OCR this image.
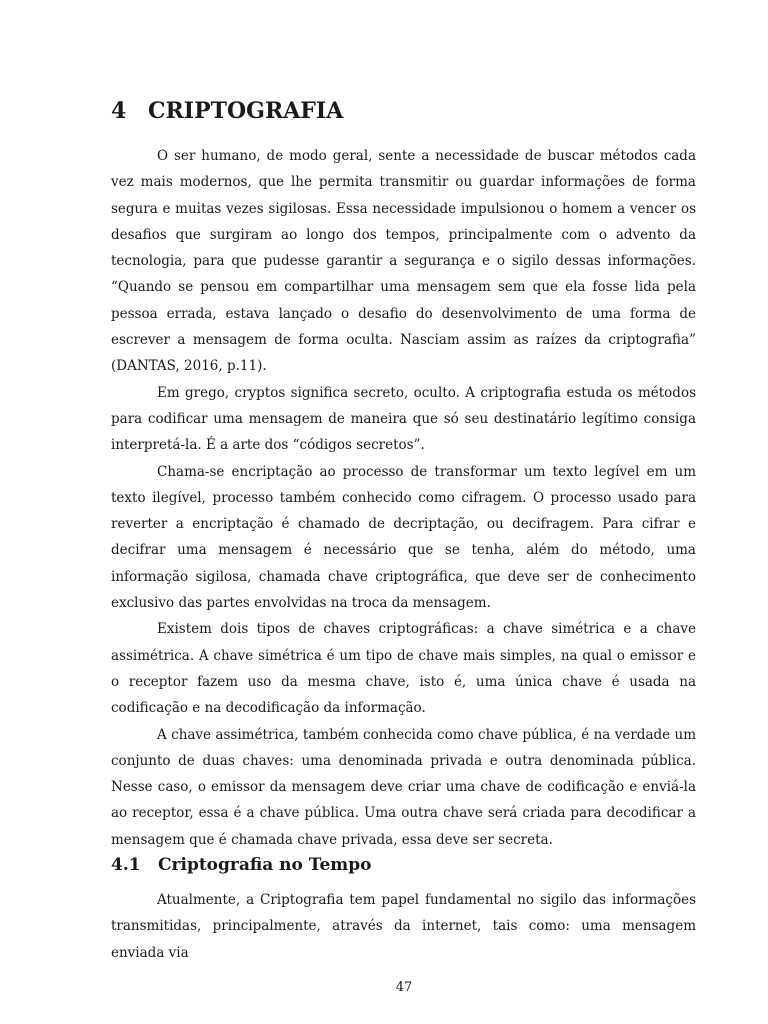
4 CRIPTOGRAFIA

O ser humano, de modo geral, sente a necessidade de buscar métodos cada vez mais modernos, que lhe permita transmitir ou guardar informações de forma segura e muitas vezes sigilosas. Essa necessidade impulsionou o homem a vencer os desafios que surgiram ao longo dos tempos, principalmente com o advento da tecnologia, para que pudesse garantir a segurança e o sigilo dessas informações. “Quando se pensou em compartilhar uma mensagem sem que ela fosse lida pela pessoa errada, estava lançado o desafio do desenvolvimento de uma forma de escrever a mensagem de forma oculta. Nasciam assim as raízes da criptografia” (DANTAS, 2016, p.11).

Em grego, cryptos significa secreto, oculto. A criptografia estuda os métodos para codificar uma mensagem de maneira que só seu destinatário legítimo consiga interpretá-la. É a arte dos “códigos secretos”.

Chama-se encriptação ao processo de transformar um texto legível em um texto ilegível, processo também conhecido como cifragem. O processo usado para reverter a encriptação é chamado de decriptação, ou decifragem. Para cifrar e decifrar uma mensagem é necessário que se tenha, além do método, uma informação sigilosa, chamada chave criptográfica, que deve ser de conhecimento exclusivo das partes envolvidas na troca da mensagem.

Existem dois tipos de chaves criptográficas: a chave simétrica e a chave assimétrica. A chave simétrica é um tipo de chave mais simples, na qual o emissor e o receptor fazem uso da mesma chave, isto é, uma única chave é usada na codificação e na decodificação da informação.

A chave assimétrica, também conhecida como chave pública, é na verdade um conjunto de duas chaves: uma denominada privada e outra denominada pública. Nesse caso, o emissor da mensagem deve criar uma chave de codificação e enviá-la ao receptor, essa é a chave pública. Uma outra chave será criada para decodificar a mensagem que é chamada chave privada, essa deve ser secreta.

4.1 Criptografia no Tempo

Atualmente, a Criptografia tem papel fundamental no sigilo das informações transmitidas, principalmente, através da internet, tais como: uma mensagem enviada via

47
